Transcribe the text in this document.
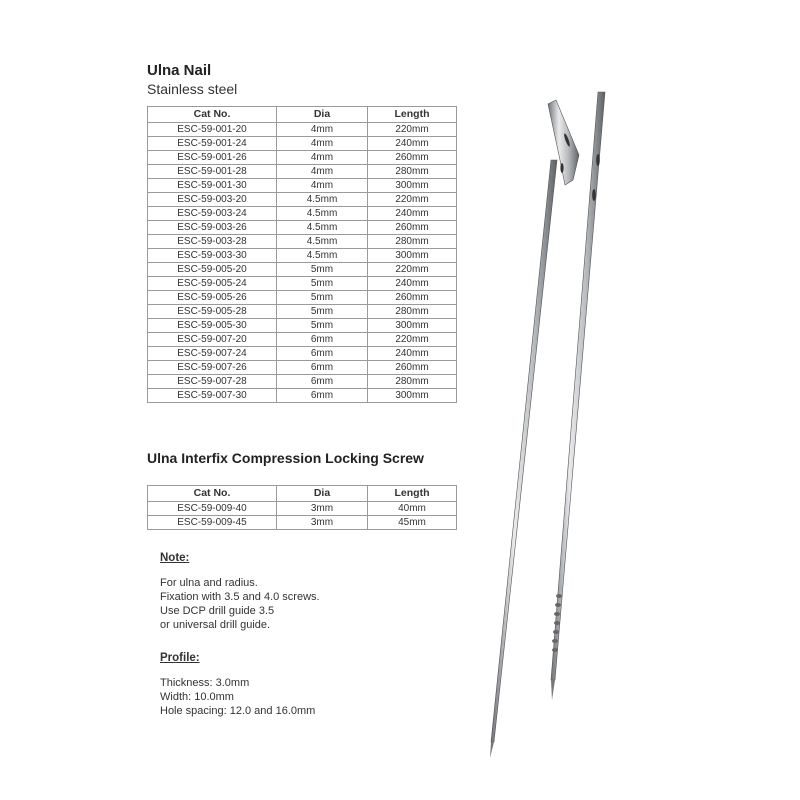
Ulna Nail
Stainless steel
Cat No.	Dia	Length
ESC-59-001-20	4mm	220mm
ESC-59-001-24	4mm	240mm
ESC-59-001-26	4mm	260mm
ESC-59-001-28	4mm	280mm
ESC-59-001-30	4mm	300mm
ESC-59-003-20	4.5mm	220mm
ESC-59-003-24	4.5mm	240mm
ESC-59-003-26	4.5mm	260mm
ESC-59-003-28	4.5mm	280mm
ESC-59-003-30	4.5mm	300mm
ESC-59-005-20	5mm	220mm
ESC-59-005-24	5mm	240mm
ESC-59-005-26	5mm	260mm
ESC-59-005-28	5mm	280mm
ESC-59-005-30	5mm	300mm
ESC-59-007-20	6mm	220mm
ESC-59-007-24	6mm	240mm
ESC-59-007-26	6mm	260mm
ESC-59-007-28	6mm	280mm
ESC-59-007-30	6mm	300mm
Ulna Interfix Compression Locking Screw
Cat No.	Dia	Length
ESC-59-009-40	3mm	40mm
ESC-59-009-45	3mm	45mm
Note:
For ulna and radius.
Fixation with 3.5 and 4.0 screws.
Use DCP drill guide 3.5
or universal drill guide.
Profile:
Thickness: 3.0mm
Width: 10.0mm
Hole spacing: 12.0 and 16.0mm
